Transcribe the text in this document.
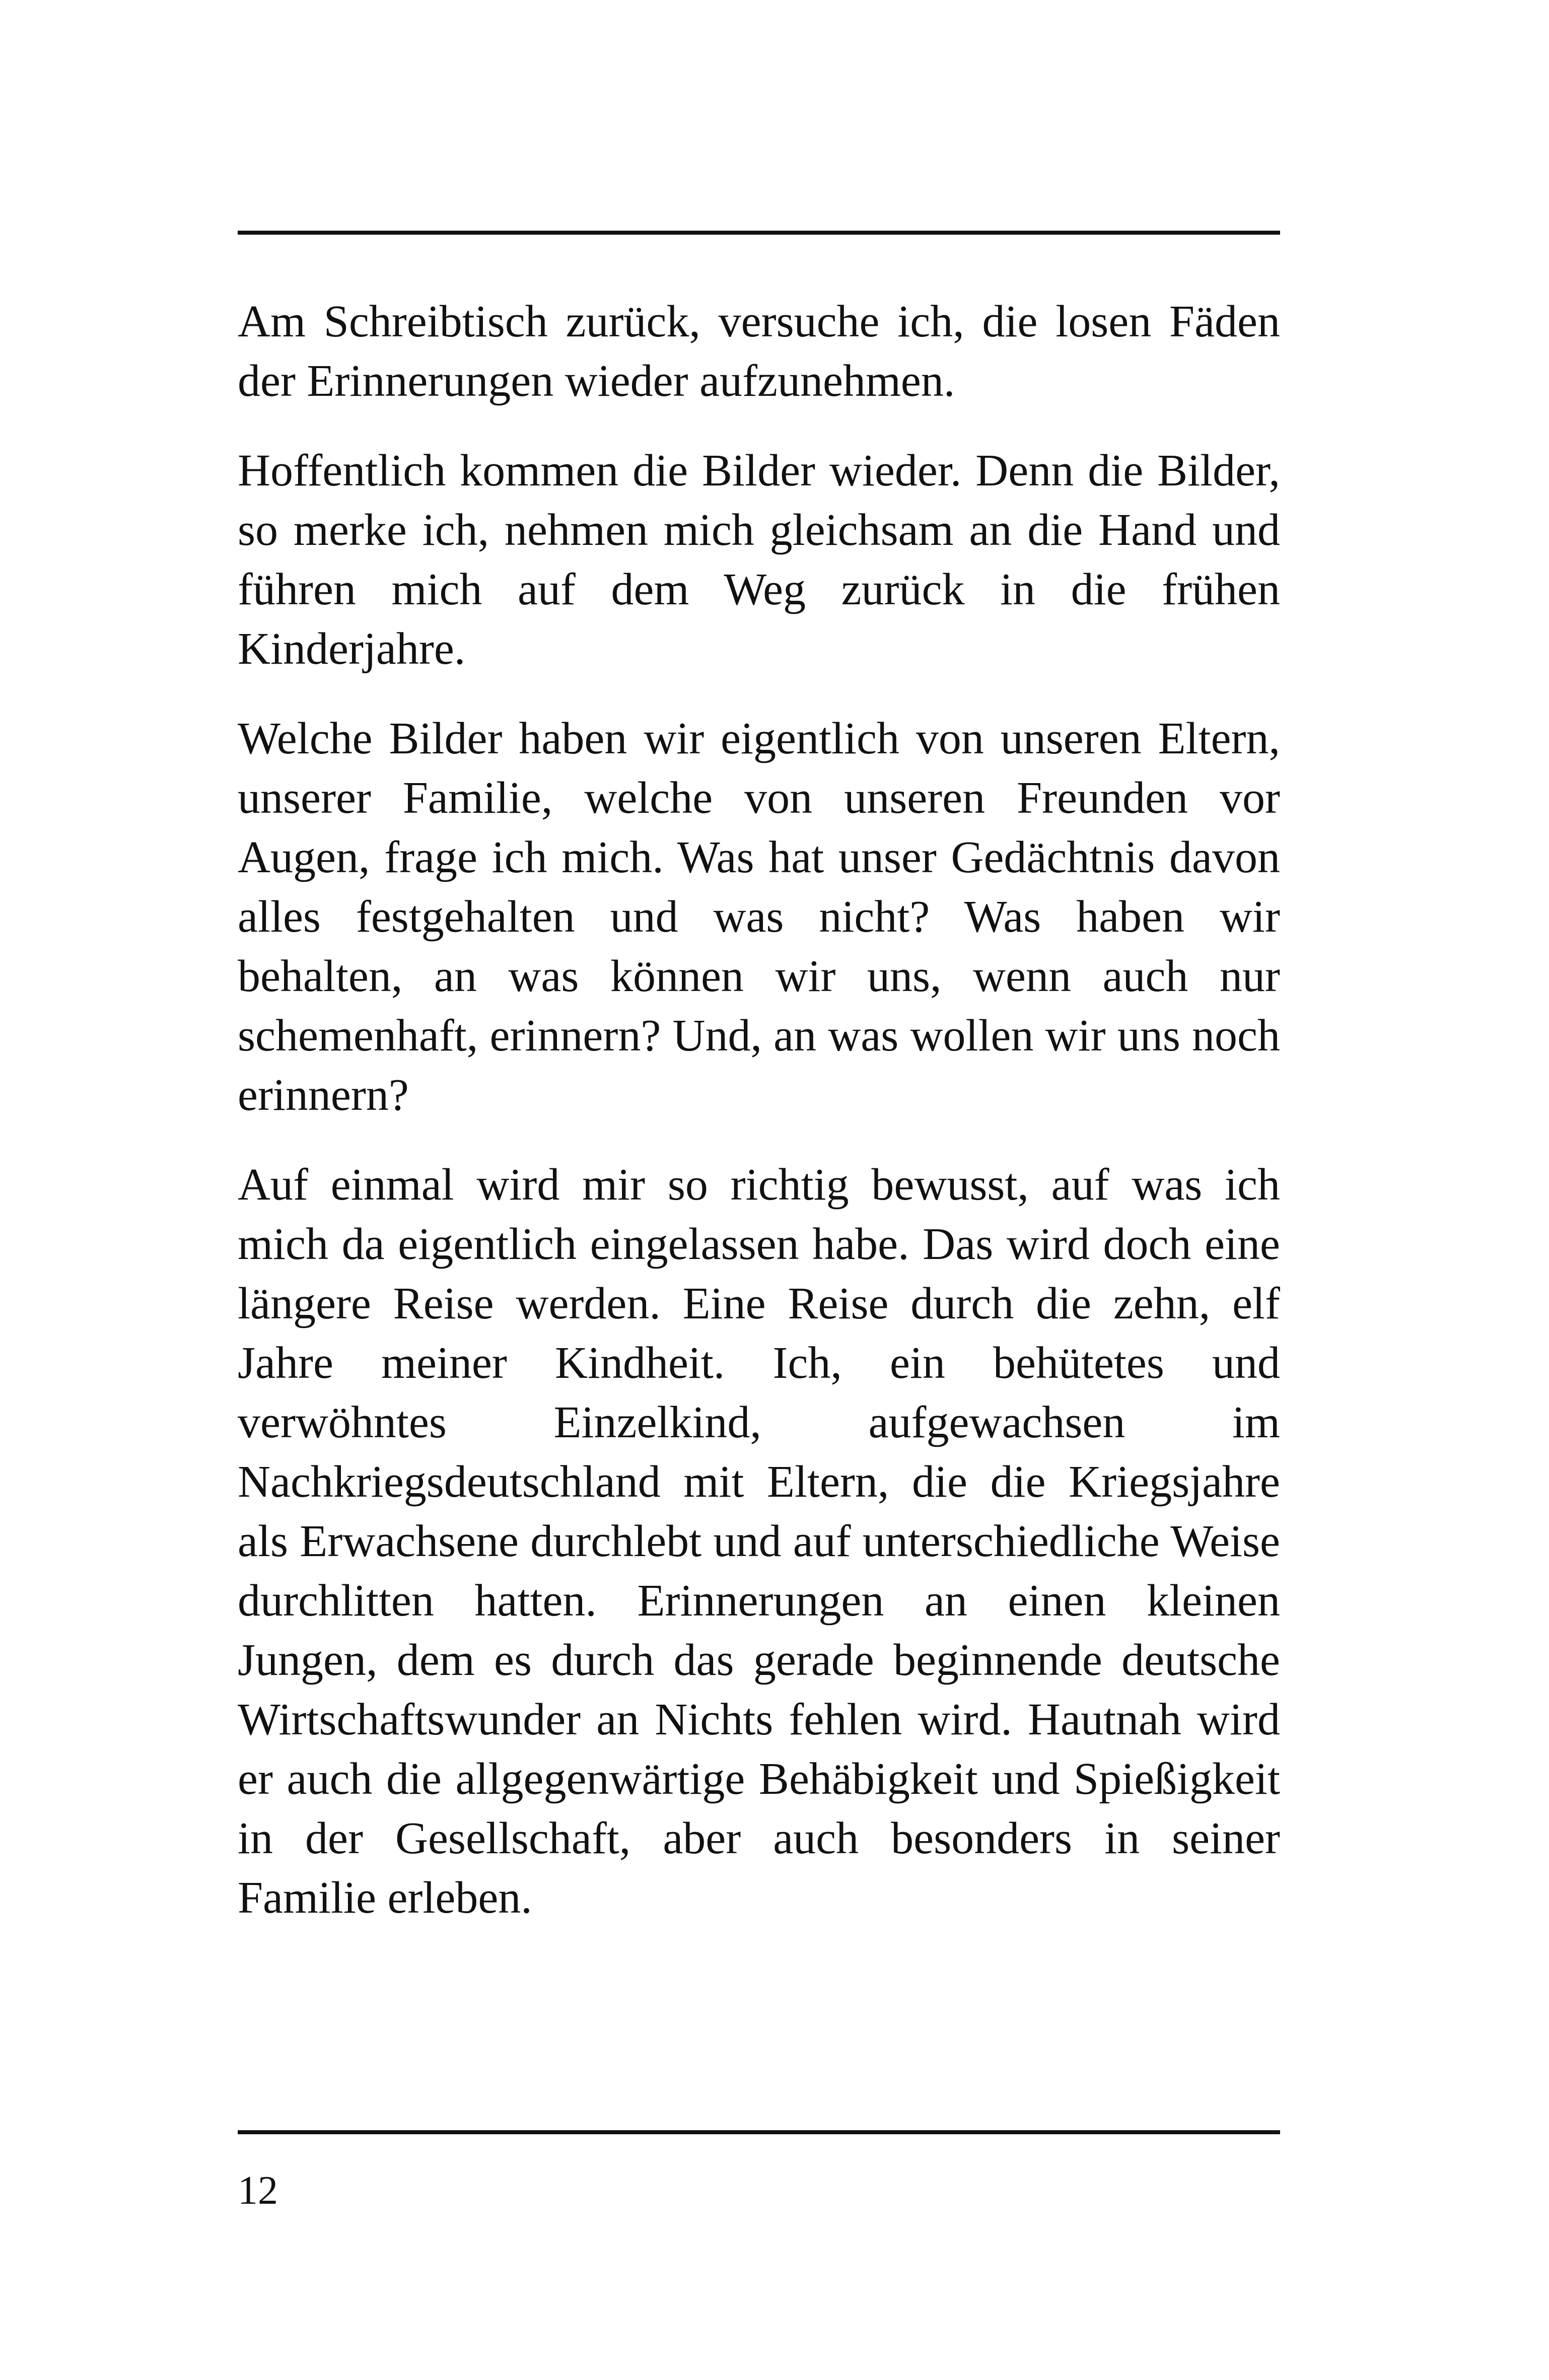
Am Schreibtisch zurück, versuche ich, die losen Fäden der Erinnerungen wieder aufzunehmen.

Hoffentlich kommen die Bilder wieder. Denn die Bilder, so merke ich, nehmen mich gleichsam an die Hand und führen mich auf dem Weg zurück in die frühen Kinderjahre.

Welche Bilder haben wir eigentlich von unseren Eltern, unserer Familie, welche von unseren Freunden vor Augen, frage ich mich. Was hat unser Gedächtnis davon alles festgehalten und was nicht? Was haben wir behalten, an was können wir uns, wenn auch nur schemenhaft, erinnern? Und, an was wollen wir uns noch erinnern?

Auf einmal wird mir so richtig bewusst, auf was ich mich da eigentlich eingelassen habe. Das wird doch eine längere Reise werden. Eine Reise durch die zehn, elf Jahre meiner Kindheit. Ich, ein behütetes und verwöhntes Einzelkind, aufgewachsen im Nachkriegsdeutschland mit Eltern, die die Kriegsjahre als Erwachsene durchlebt und auf unterschiedliche Weise durchlitten hatten. Erinnerungen an einen kleinen Jungen, dem es durch das gerade beginnende deutsche Wirtschaftswunder an Nichts fehlen wird. Hautnah wird er auch die allgegenwärtige Behäbigkeit und Spießigkeit in der Gesellschaft, aber auch besonders in seiner Familie erleben.

12
